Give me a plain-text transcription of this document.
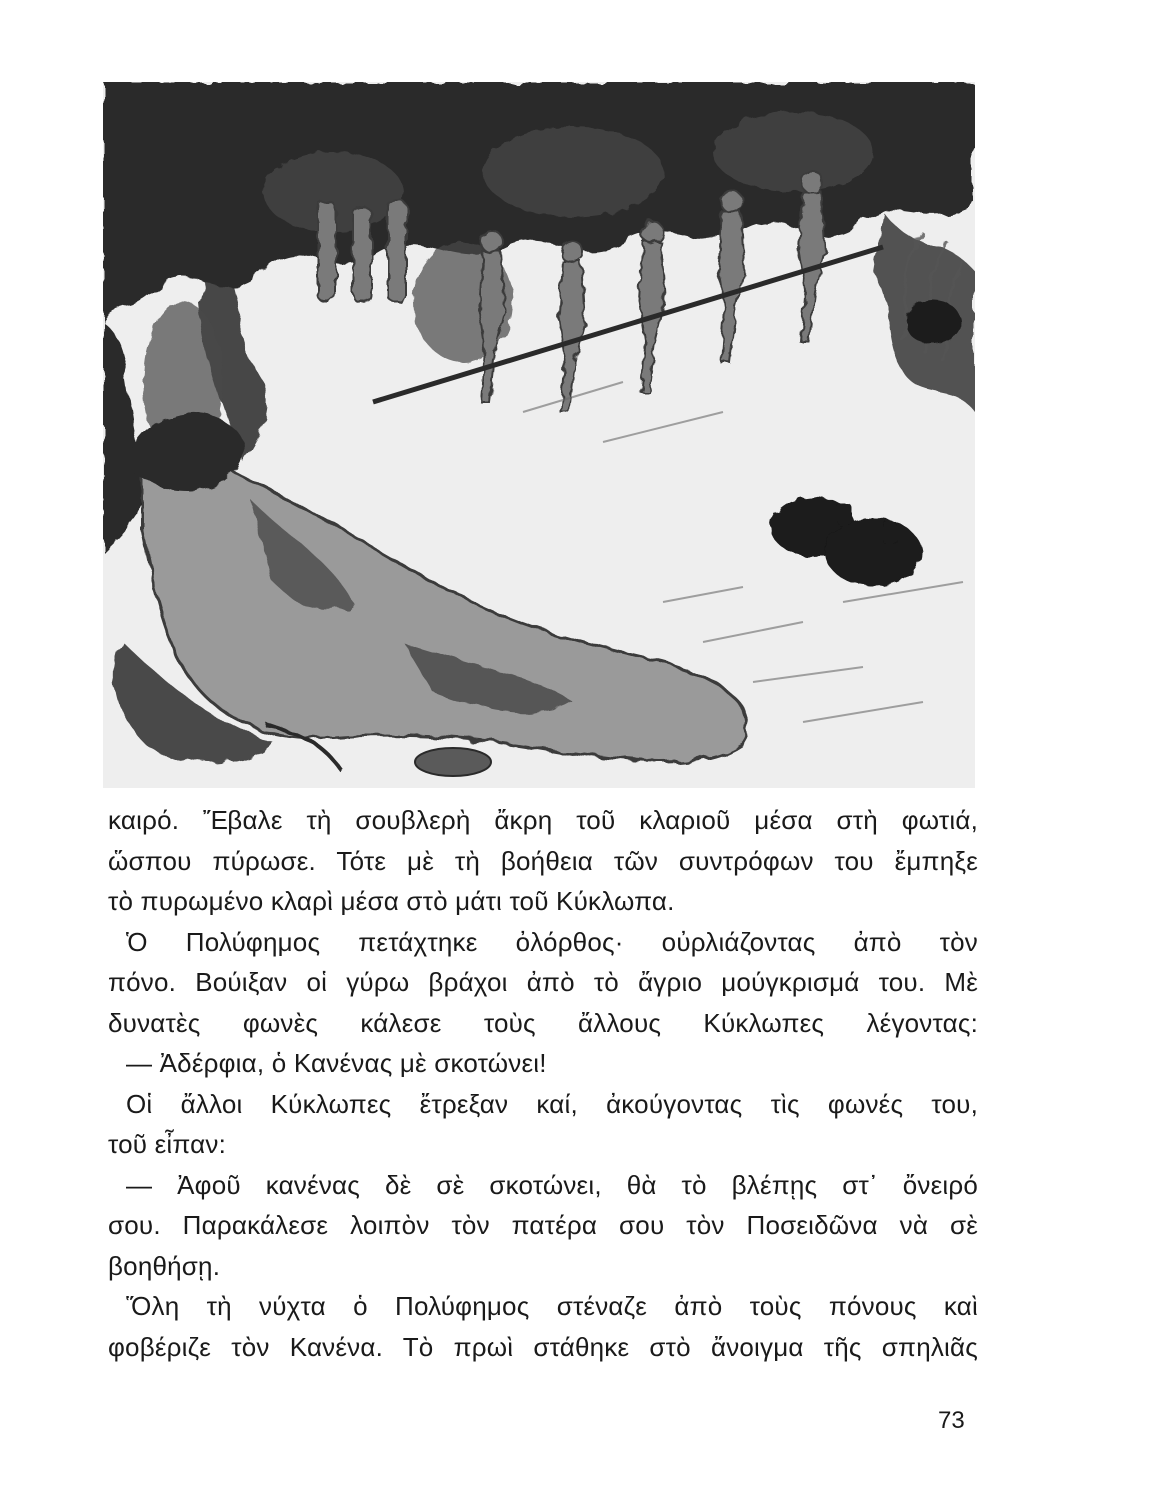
καιρό. Ἔβαλε τὴ σουβλερὴ ἄκρη τοῦ κλαριοῦ μέσα στὴ φωτιά,
ὥσπου πύρωσε. Τότε μὲ τὴ βοήθεια τῶν συντρόφων του ἔμπηξε
τὸ πυρωμένο κλαρὶ μέσα στὸ μάτι τοῦ Κύκλωπα.
Ὁ Πολύφημος πετάχτηκε ὀλόρθος· οὐρλιάζοντας ἀπὸ τὸν
πόνο. Βούιξαν οἱ γύρω βράχοι ἀπὸ τὸ ἄγριο μούγκρισμά του. Μὲ
δυνατὲς φωνὲς κάλεσε τοὺς ἄλλους Κύκλωπες λέγοντας:
— Ἀδέρφια, ὁ Κανένας μὲ σκοτώνει!
Οἱ ἄλλοι Κύκλωπες ἔτρεξαν καί, ἀκούγοντας τὶς φωνές του,
τοῦ εἶπαν:
— Ἀφοῦ κανένας δὲ σὲ σκοτώνει, θὰ τὸ βλέπῃς στ᾿ ὄνειρό
σου. Παρακάλεσε λοιπὸν τὸν πατέρα σου τὸν Ποσειδῶνα νὰ σὲ
βοηθήσῃ.
Ὅλη τὴ νύχτα ὁ Πολύφημος στέναζε ἀπὸ τοὺς πόνους καὶ
φοβέριζε τὸν Κανένα. Τὸ πρωὶ στάθηκε στὸ ἄνοιγμα τῆς σπηλιᾶς
73
